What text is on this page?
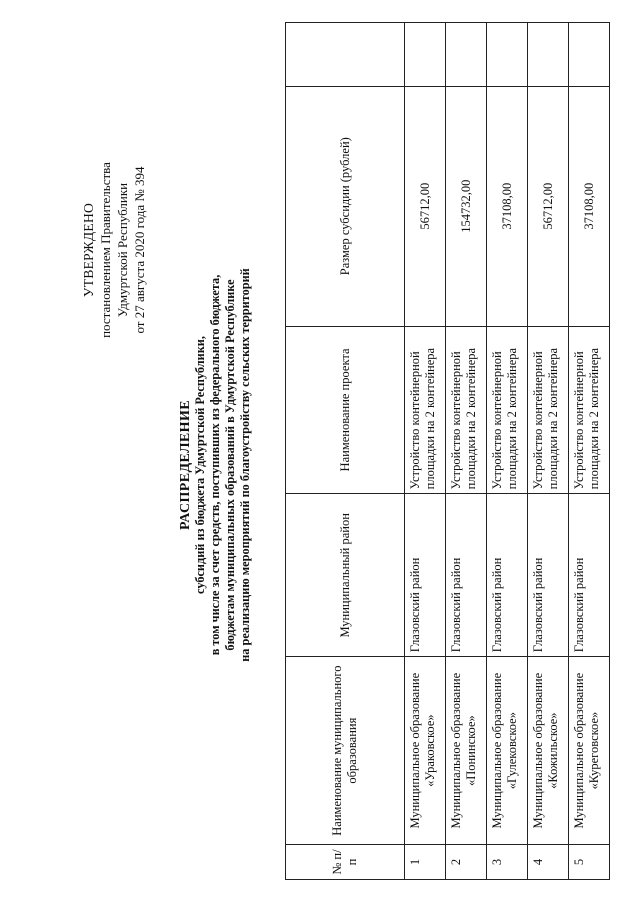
УТВЕРЖДЕНО постановлением Правительства Удмуртской Республики от 27 августа 2020 года № 394
РАСПРЕДЕЛЕНИЕ субсидий из бюджета Удмуртской Республики, в том числе за счет средств, поступивших из федерального бюджета, бюджетам муниципальных образований в Удмуртской Республике на реализацию мероприятий по благоустройству сельских территорий
№ п/п	Наименование муниципального образования	Муниципальный район	Наименование проекта	Размер субсидии (рублей)	
1	Муниципальное образование «Ураковское»	Глазовский район	Устройство контейнерной площадки на 2 контейнера	56712,00	
2	Муниципальное образование «Понинское»	Глазовский район	Устройство контейнерной площадки на 2 контейнера	154732,00	
3	Муниципальное образование «Гулековское»	Глазовский район	Устройство контейнерной площадки на 2 контейнера	37108,00	
4	Муниципальное образование «Кожильское»	Глазовский район	Устройство контейнерной площадки на 2 контейнера	56712,00	
5	Муниципальное образование «Куреговское»	Глазовский район	Устройство контейнерной площадки на 2 контейнера	37108,00	
